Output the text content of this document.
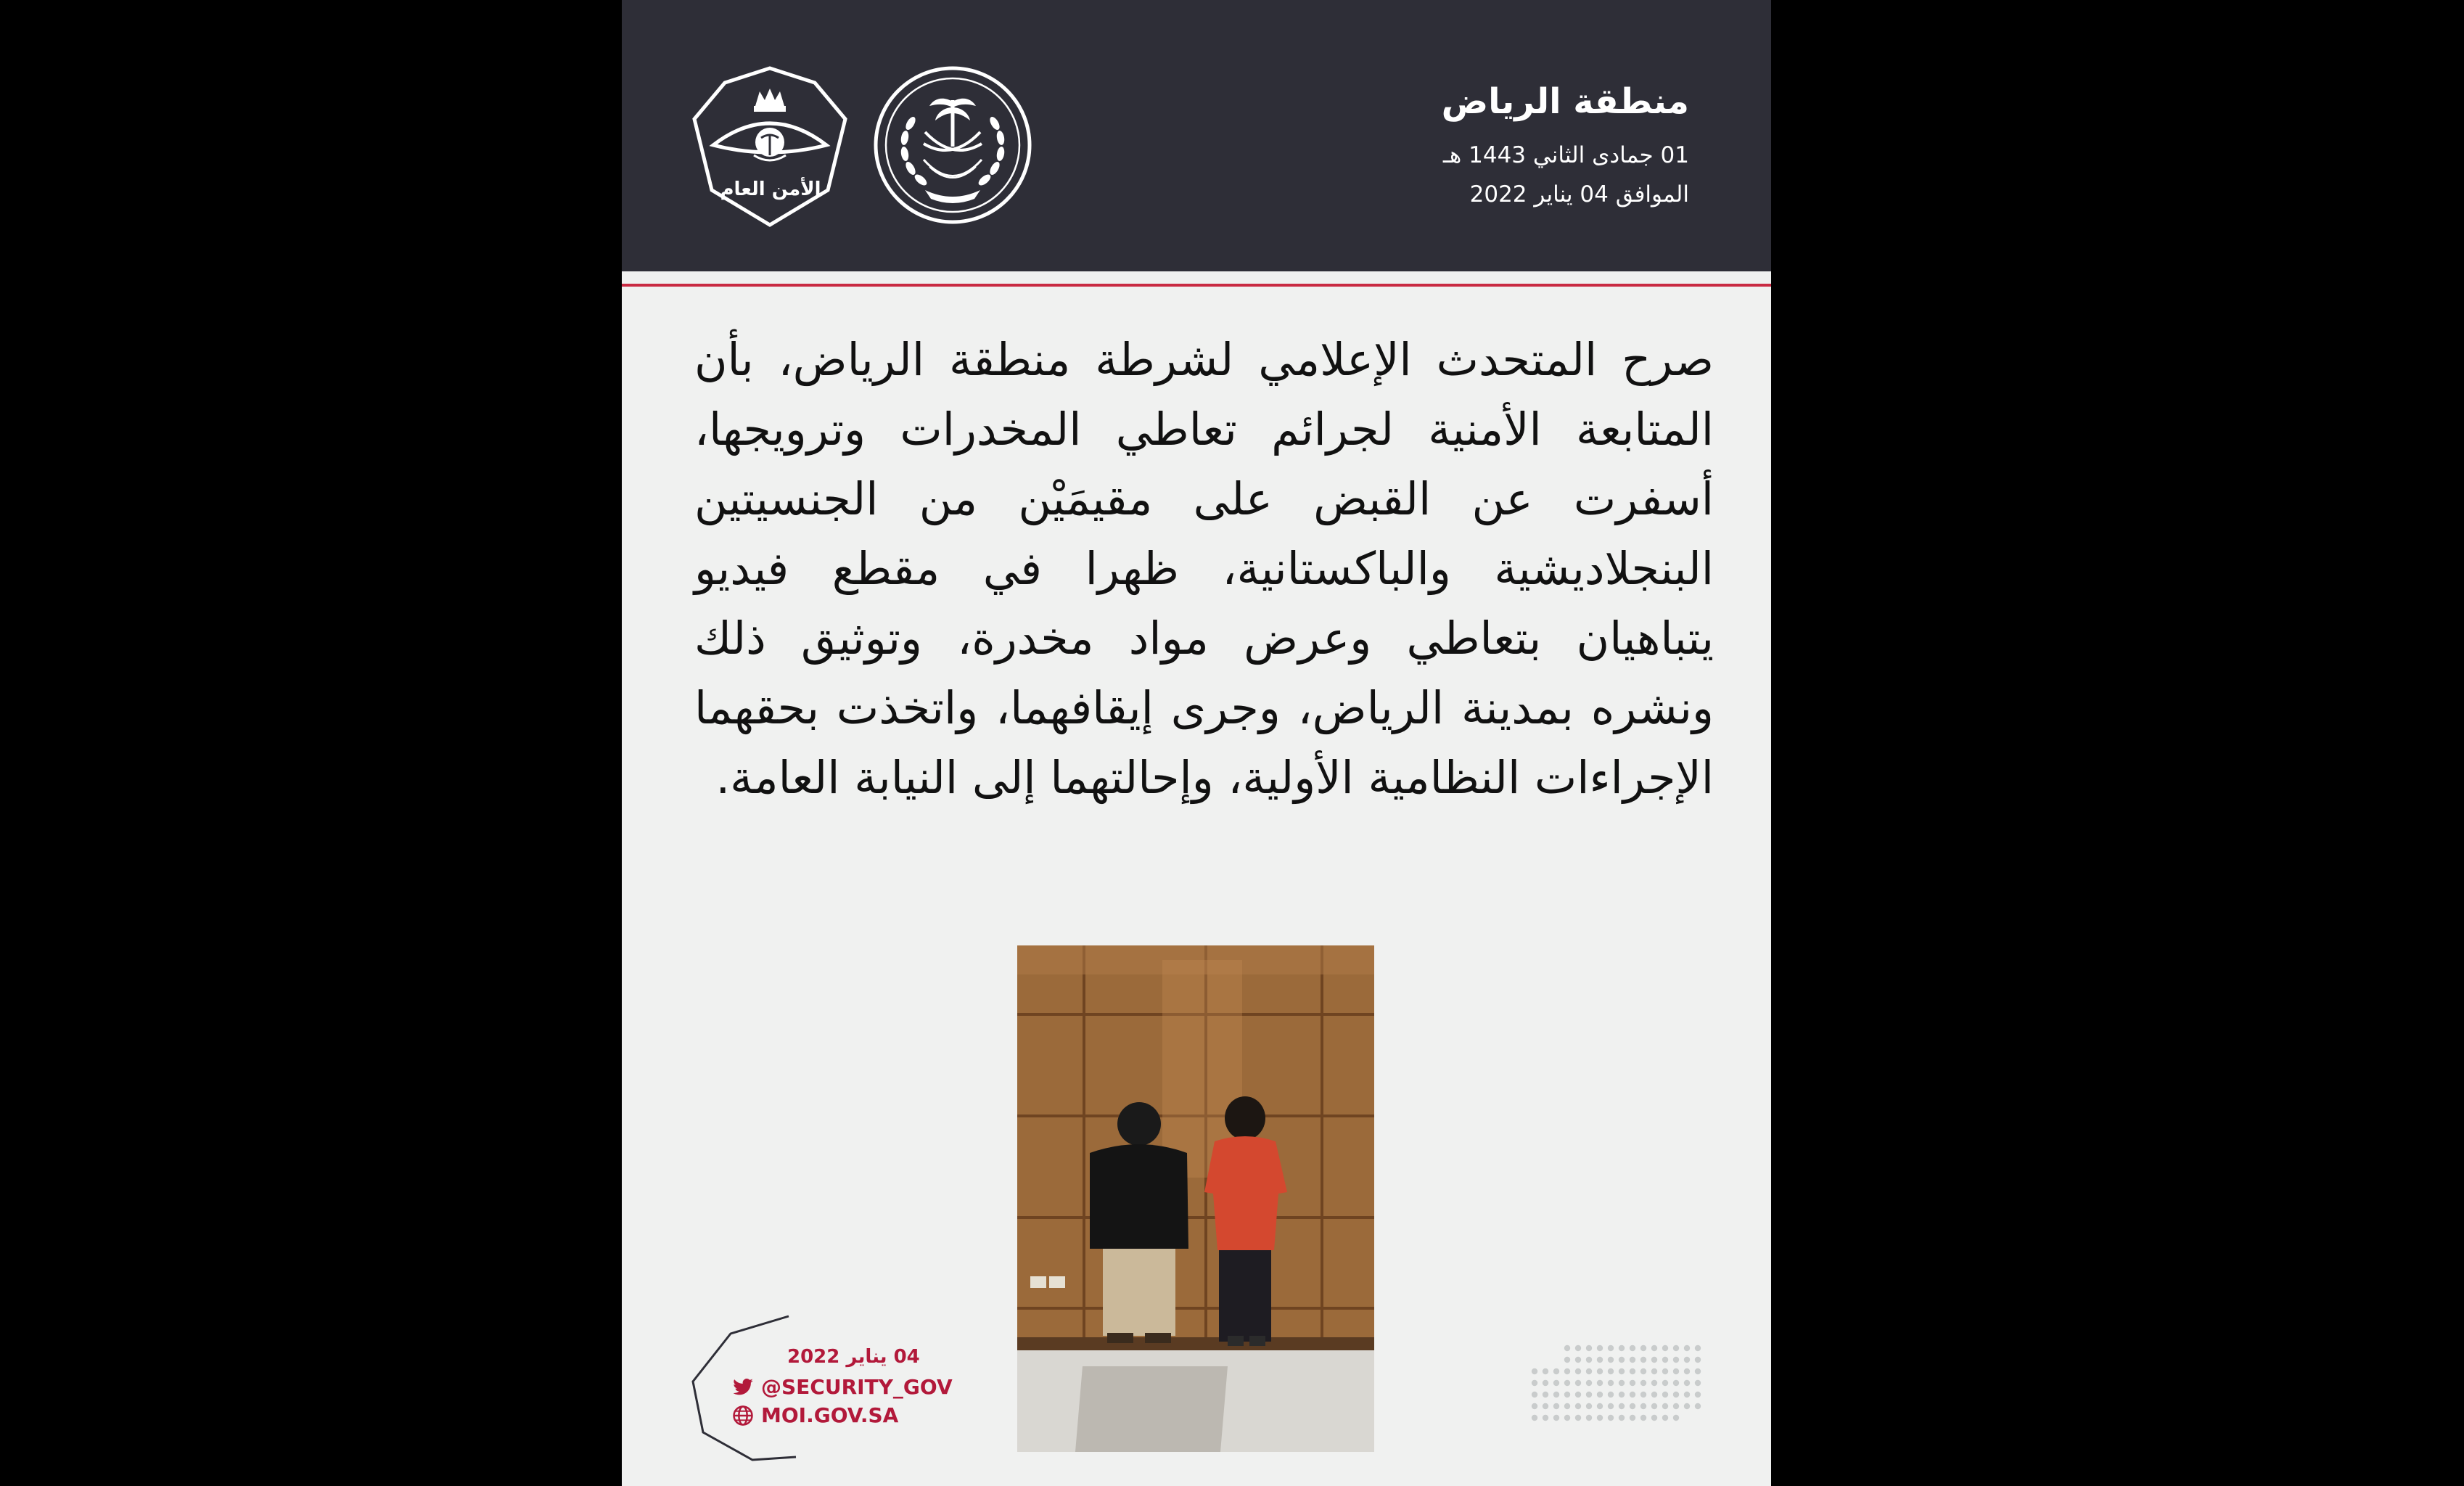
منطقة الرياض
01 جمادى الثاني 1443 هـ
الموافق 04 يناير 2022
الأمن العام
صرح المتحدث الإعلامي لشرطة منطقة الرياض، بأن المتابعة الأمنية لجرائم تعاطي المخدرات وترويجها، أسفرت عن القبض على مقيمَيْن من الجنسيتين البنجلاديشية والباكستانية، ظهرا في مقطع فيديو يتباهيان بتعاطي وعرض مواد مخدرة، وتوثيق ذلك ونشره بمدينة الرياض، وجرى إيقافهما، واتخذت بحقهما الإجراءات النظامية الأولية، وإحالتهما إلى النيابة العامة.
04 يناير 2022
@SECURITY_GOV
MOI.GOV.SA
